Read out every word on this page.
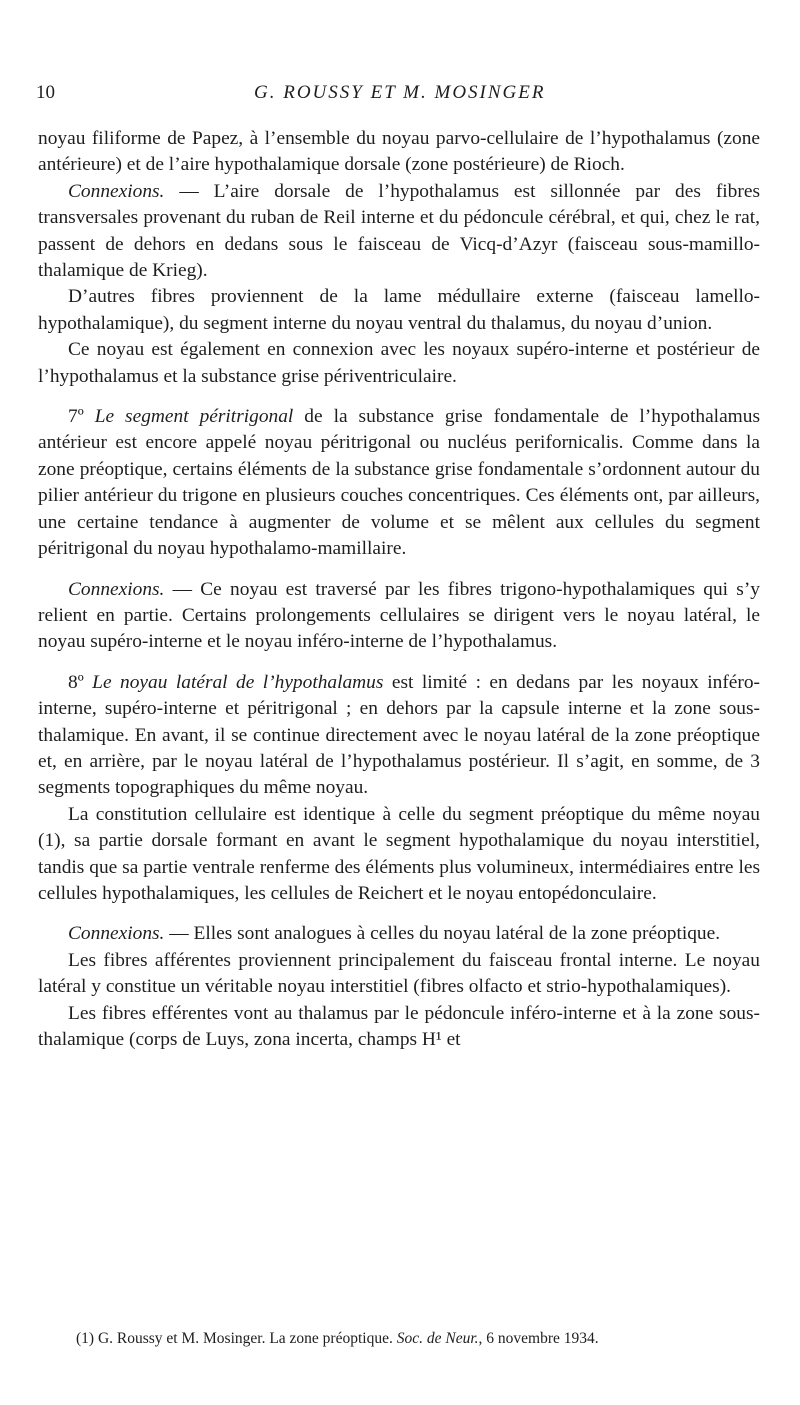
10	G. ROUSSY ET M. MOSINGER

noyau filiforme de Papez, à l’ensemble du noyau parvo-cellulaire de l’hypothalamus (zone antérieure) et de l’aire hypothalamique dorsale (zone postérieure) de Rioch.

Connexions. — L’aire dorsale de l’hypothalamus est sillonnée par des fibres transversales provenant du ruban de Reil interne et du pédoncule cérébral, et qui, chez le rat, passent de dehors en dedans sous le faisceau de Vicq-d’Azyr (faisceau sous-mamillo-thalamique de Krieg).

D’autres fibres proviennent de la lame médullaire externe (faisceau lamello-hypothalamique), du segment interne du noyau ventral du thalamus, du noyau d’union.

Ce noyau est également en connexion avec les noyaux supéro-interne et postérieur de l’hypothalamus et la substance grise périventriculaire.

7º Le segment péritrigonal de la substance grise fondamentale de l’hypothalamus antérieur est encore appelé noyau péritrigonal ou nucléus perifornicalis. Comme dans la zone préoptique, certains éléments de la substance grise fondamentale s’ordonnent autour du pilier antérieur du trigone en plusieurs couches concentriques. Ces éléments ont, par ailleurs, une certaine tendance à augmenter de volume et se mêlent aux cellules du segment péritrigonal du noyau hypothalamo-mamillaire.

Connexions. — Ce noyau est traversé par les fibres trigono-hypothalamiques qui s’y relient en partie. Certains prolongements cellulaires se dirigent vers le noyau latéral, le noyau supéro-interne et le noyau inféro-interne de l’hypothalamus.

8º Le noyau latéral de l’hypothalamus est limité : en dedans par les noyaux inféro-interne, supéro-interne et péritrigonal ; en dehors par la capsule interne et la zone sous-thalamique. En avant, il se continue directement avec le noyau latéral de la zone préoptique et, en arrière, par le noyau latéral de l’hypothalamus postérieur. Il s’agit, en somme, de 3 segments topographiques du même noyau.

La constitution cellulaire est identique à celle du segment préoptique du même noyau (1), sa partie dorsale formant en avant le segment hypothalamique du noyau interstitiel, tandis que sa partie ventrale renferme des éléments plus volumineux, intermédiaires entre les cellules hypothalamiques, les cellules de Reichert et le noyau entopédonculaire.

Connexions. — Elles sont analogues à celles du noyau latéral de la zone préoptique.

Les fibres afférentes proviennent principalement du faisceau frontal interne. Le noyau latéral y constitue un véritable noyau interstitiel (fibres olfacto et strio-hypothalamiques).

Les fibres efférentes vont au thalamus par le pédoncule inféro-interne et à la zone sous-thalamique (corps de Luys, zona incerta, champs H¹ et

(1) G. Roussy et M. Mosinger. La zone préoptique. Soc. de Neur., 6 novembre 1934.
